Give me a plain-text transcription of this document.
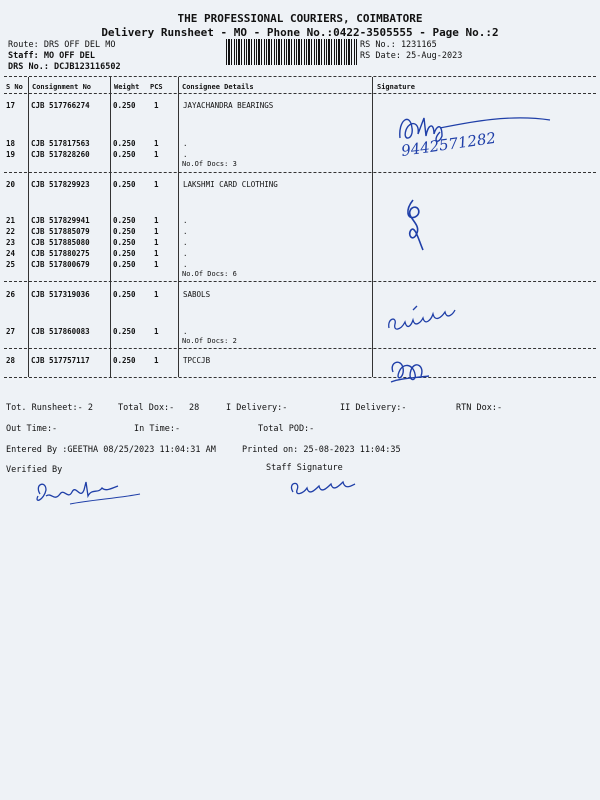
THE PROFESSIONAL COURIERS, COIMBATORE
Delivery Runsheet - MO - Phone No.:0422-3505555 - Page No.:2
Route: DRS OFF DEL MO
Staff: MO OFF DEL
DRS No.: DCJB123116502
RS No.: 1231165
RS Date: 25-Aug-2023
S No Consignment No	Weight PCS	Consignee Details	Signature
17 CJB 517766274	0.250 1	JAYACHANDRA BEARINGS
18 CJB 517817563	0.250 1	.
19 CJB 517828260	0.250 1	.
No.Of Docs: 3
20 CJB 517829923	0.250 1	LAKSHMI CARD CLOTHING
21 CJB 517829941	0.250 1	.
22 CJB 517885079	0.250 1	.
23 CJB 517885080	0.250 1	.
24 CJB 517880275	0.250 1	.
25 CJB 517800679	0.250 1	.
No.Of Docs: 6
26 CJB 517319036	0.250 1	SABOLS
27 CJB 517860083	0.250 1	.
No.Of Docs: 2
28 CJB 517757117	0.250 1	TPCCJB
9442571282
Tot. Runsheet:- 2	Total Dox:- 28	I Delivery:-	II Delivery:-	RTN Dox:-
Out Time:-	In Time:-	Total POD:-
Entered By :GEETHA 08/25/2023 11:04:31 AM	Printed on: 25-08-2023 11:04:35
Verified By	Staff Signature
